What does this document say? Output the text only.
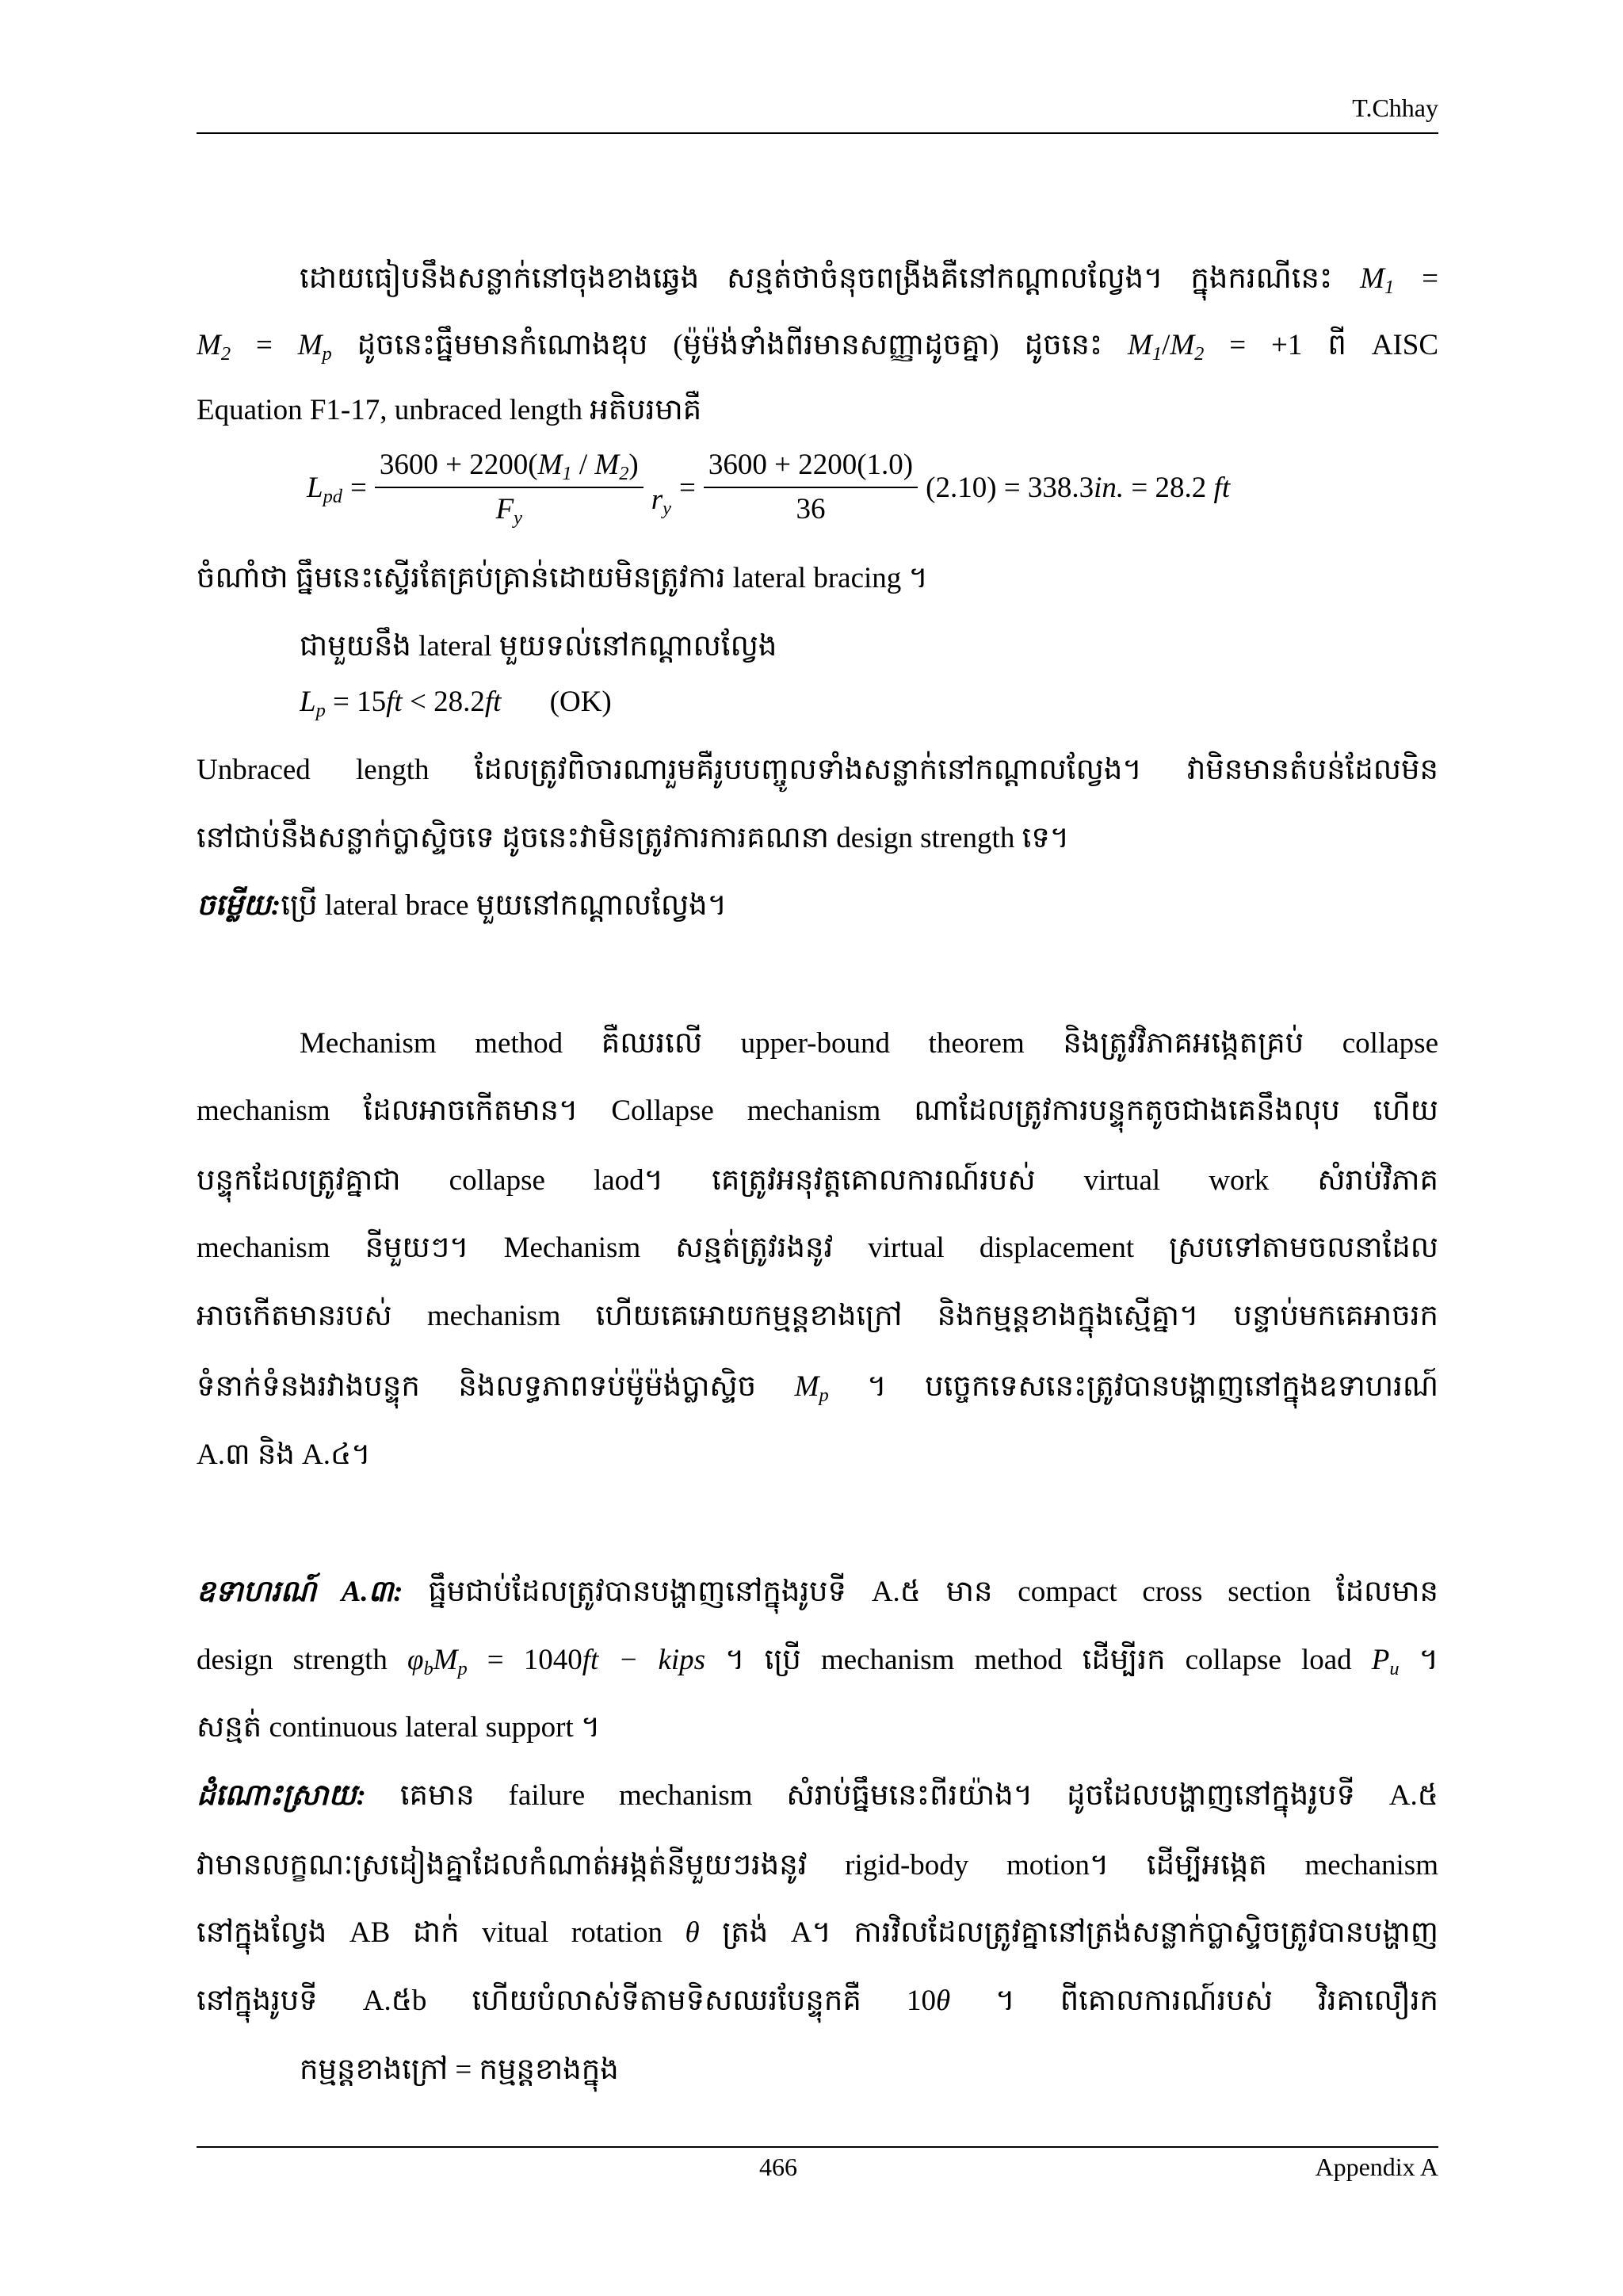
T.Chhay
ដោយធៀបនឹងសន្លាក់នៅចុងខាងឆ្វេង សន្មត់ថាចំនុចពង្រីងគឺនៅកណ្តាលល្វែង។ ក្នុងករណីនេះ M1 =
M2 = Mp ដូចនេះធ្នឹមមានកំណោងឌុប (ម៉ូម៉ង់ទាំងពីរមានសញ្ញាដូចគ្នា) ដូចនេះ M1/M2 = +1 ពី AISC
Equation F1-17, unbraced length អតិបរមាគឺ
Lpd = $\frac{3600 + 2200(M1 / M2)}{Fy}$ ry
= $\frac{3600 + 2200(1.0)}{36} (2.10) = 338.3in$. = 28.2 ft
ចំណាំថា ធ្នឹមនេះស្ទើរតែគ្រប់គ្រាន់ដោយមិនត្រូវការ lateral bracing ។
ជាមួយនឹង lateral មួយទល់នៅកណ្តាលល្វែង
Lp = 15ft < 28.2ft (OK)
Unbraced length ដែលត្រូវពិចារណារួមគឺរូបបញ្ចូលទាំងសន្លាក់នៅកណ្តាលល្វែង។ វាមិនមានតំបន់ដែលមិន
នៅជាប់នឹងសន្លាក់ប្លាស្ទិចទេ ដូចនេះវាមិនត្រូវការការគណនា design strength ទេ។
ចម្លើយ:ប្រើ lateral brace មួយនៅកណ្តាលល្វែង។
Mechanism method គឺឈរលើ upper-bound theorem និងត្រូវវិភាគអង្កេតគ្រប់ collapse
mechanism ដែលអាចកើតមាន។ Collapse mechanism ណាដែលត្រូវការបន្ទុកតូចជាងគេនឹងលុប ហើយ
បន្ទុកដែលត្រូវគ្នាជា collapse laod។ គេត្រូវអនុវត្តគោលការណ៍របស់ virtual work សំរាប់វិភាគ
mechanism នីមួយៗ។ Mechanism សន្មត់ត្រូវរងនូវ virtual displacement ស្របទៅតាមចលនាដែល
អាចកើតមានរបស់ mechanism ហើយគេអោយកម្មន្តខាងក្រៅ និងកម្មន្តខាងក្នុងស្មើគ្នា។ បន្ទាប់មកគេអាចរក
ទំនាក់ទំនងរវាងបន្ទុក និងលទ្ធភាពទប់ម៉ូម៉ង់ប្លាស្ទិច Mp ។ បច្ចេកទេសនេះត្រូវបានបង្ហាញនៅក្នុងឧទាហរណ៍
A.៣ និង A.៤។
ឧទាហរណ៍ A.៣: ធ្នឹមជាប់ដែលត្រូវបានបង្ហាញនៅក្នុងរូបទី A.៥ មាន compact cross section ដែលមាន
design strength φbMp = 1040ft − kips ។ ប្រើ mechanism method ដើម្បីរក collapse load Pu ។
សន្មត់ continuous lateral support ។
ដំណោះស្រាយ: គេមាន failure mechanism សំរាប់ធ្នឹមនេះពីរយ៉ាង។ ដូចដែលបង្ហាញនៅក្នុងរូបទី A.៥
វាមានលក្ខណៈស្រដៀងគ្នាដែលកំណាត់អង្កត់នីមួយៗរងនូវ rigid-body motion។ ដើម្បីអង្កេត mechanism
នៅក្នុងល្វែង AB ដាក់ vitual rotation θ ត្រង់ A។ ការវិលដែលត្រូវគ្នានៅត្រង់សន្លាក់ប្លាស្ទិចត្រូវបានបង្ហាញ
នៅក្នុងរូបទី A.៥b ហើយបំលាស់ទីតាមទិសឈរបែន្ទុកគឺ 10θ ។ ពីគោលការណ៍របស់ វិរគាលឿរក
កម្មន្តខាងក្រៅ = កម្មន្តខាងក្នុង
466	Appendix A
